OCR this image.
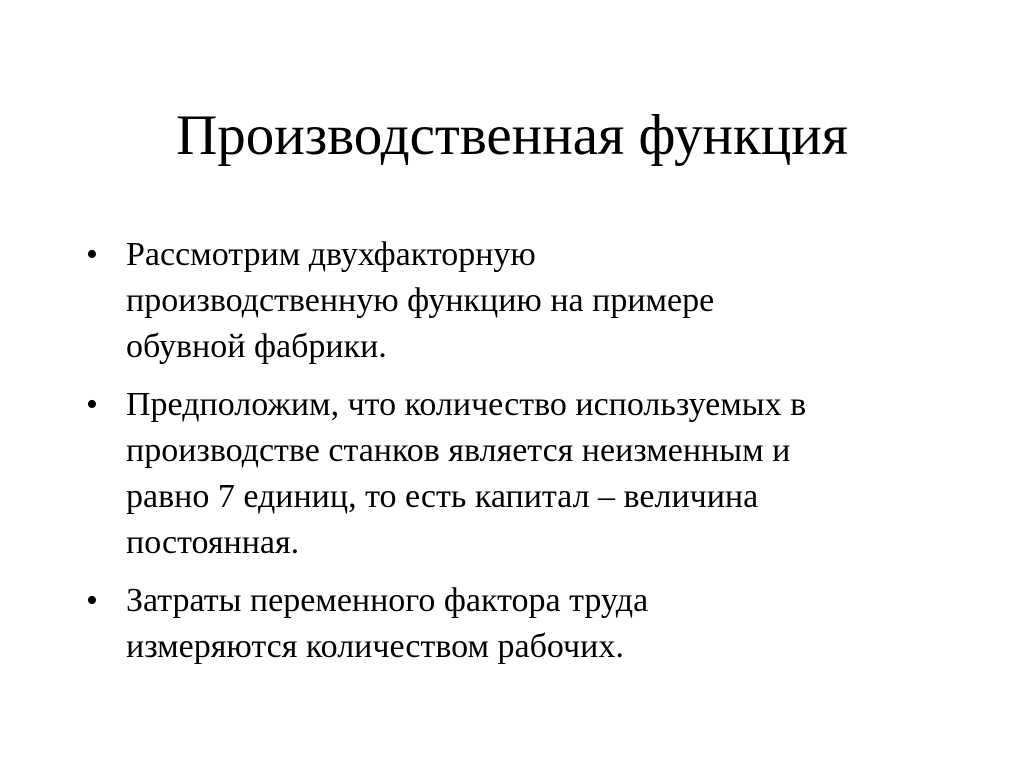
Производственная функция
• Рассмотрим двухфакторную
производственную функцию на примере
обувной фабрики.
• Предположим, что количество используемых в
производстве станков является неизменным и
равно 7 единиц, то есть капитал – величина
постоянная.
• Затраты переменного фактора труда
измеряются количеством рабочих.
